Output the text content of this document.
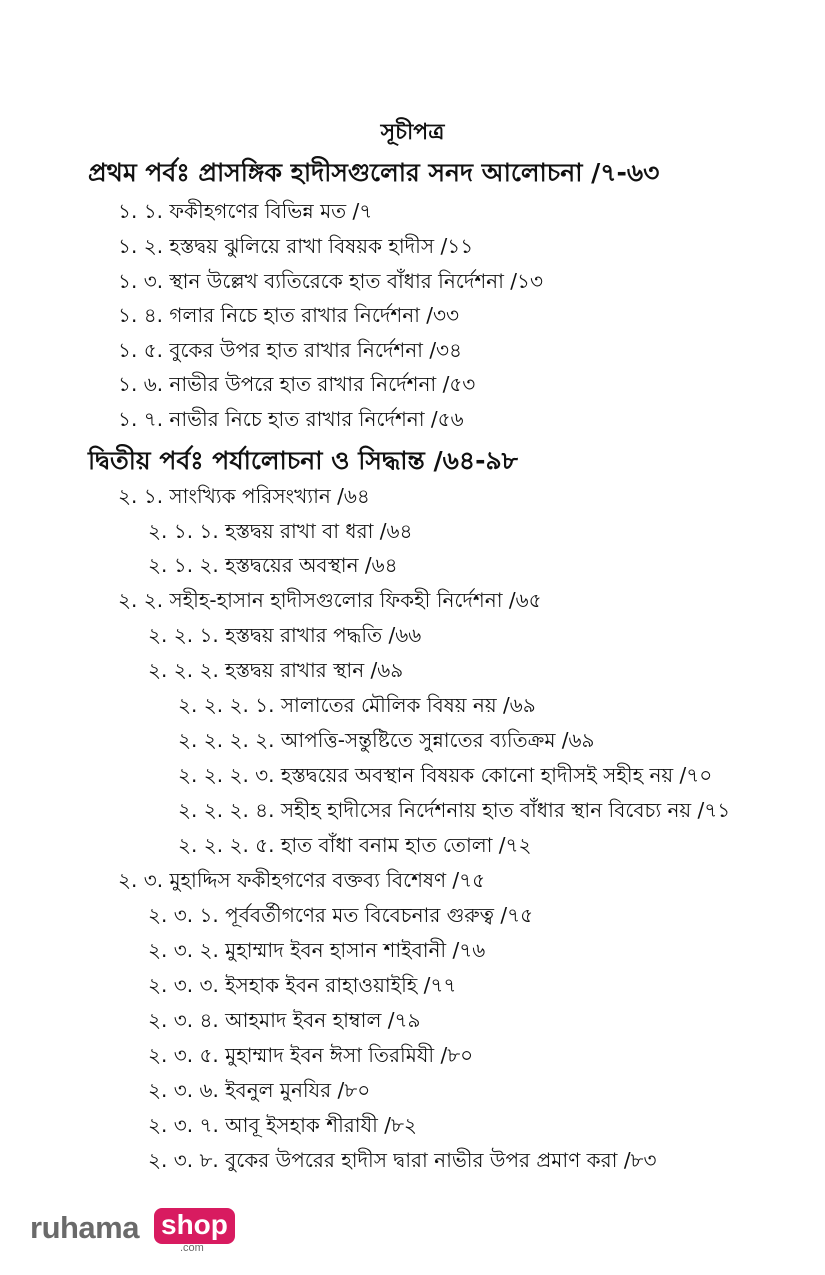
সূচীপত্র
প্রথম পর্বঃ প্রাসঙ্গিক হাদীসগুলোর সনদ আলোচনা /৭-৬৩
১. ১. ফকীহগণের বিভিন্ন মত /৭
১. ২. হস্তদ্বয় ঝুলিয়ে রাখা বিষয়ক হাদীস /১১
১. ৩. স্থান উল্লেখ ব্যতিরেকে হাত বাঁধার নির্দেশনা /১৩
১. ৪. গলার নিচে হাত রাখার নির্দেশনা /৩৩
১. ৫. বুকের উপর হাত রাখার নির্দেশনা /৩৪
১. ৬. নাভীর উপরে হাত রাখার নির্দেশনা /৫৩
১. ৭. নাভীর নিচে হাত রাখার নির্দেশনা /৫৬
দ্বিতীয় পর্বঃ পর্যালোচনা ও সিদ্ধান্ত /৬৪-৯৮
২. ১. সাংখ্যিক পরিসংখ্যান /৬৪
২. ১. ১. হস্তদ্বয় রাখা বা ধরা /৬৪
২. ১. ২. হস্তদ্বয়ের অবস্থান /৬৪
২. ২. সহীহ-হাসান হাদীসগুলোর ফিকহী নির্দেশনা /৬৫
২. ২. ১. হস্তদ্বয় রাখার পদ্ধতি /৬৬
২. ২. ২. হস্তদ্বয় রাখার স্থান /৬৯
২. ২. ২. ১. সালাতের মৌলিক বিষয় নয় /৬৯
২. ২. ২. ২. আপত্তি-সন্তুষ্টিতে সুন্নাতের ব্যতিক্রম /৬৯
২. ২. ২. ৩. হস্তদ্বয়ের অবস্থান বিষয়ক কোনো হাদীসই সহীহ নয় /৭০
২. ২. ২. ৪. সহীহ হাদীসের নির্দেশনায় হাত বাঁধার স্থান বিবেচ্য নয় /৭১
২. ২. ২. ৫. হাত বাঁধা বনাম হাত তোলা /৭২
২. ৩. মুহাদ্দিস ফকীহগণের বক্তব্য বিশেষণ /৭৫
২. ৩. ১. পূর্ববর্তীগণের মত বিবেচনার গুরুত্ব /৭৫
২. ৩. ২. মুহাম্মাদ ইবন হাসান শাইবানী /৭৬
২. ৩. ৩. ইসহাক ইবন রাহাওয়াইহি /৭৭
২. ৩. ৪. আহমাদ ইবন হাম্বাল /৭৯
২. ৩. ৫. মুহাম্মাদ ইবন ঈসা তিরমিযী /৮০
২. ৩. ৬. ইবনুল মুনযির /৮০
২. ৩. ৭. আবূ ইসহাক শীরাযী /৮২
২. ৩. ৮. বুকের উপরের হাদীস দ্বারা নাভীর উপর প্রমাণ করা /৮৩
ruhama shop
.com
